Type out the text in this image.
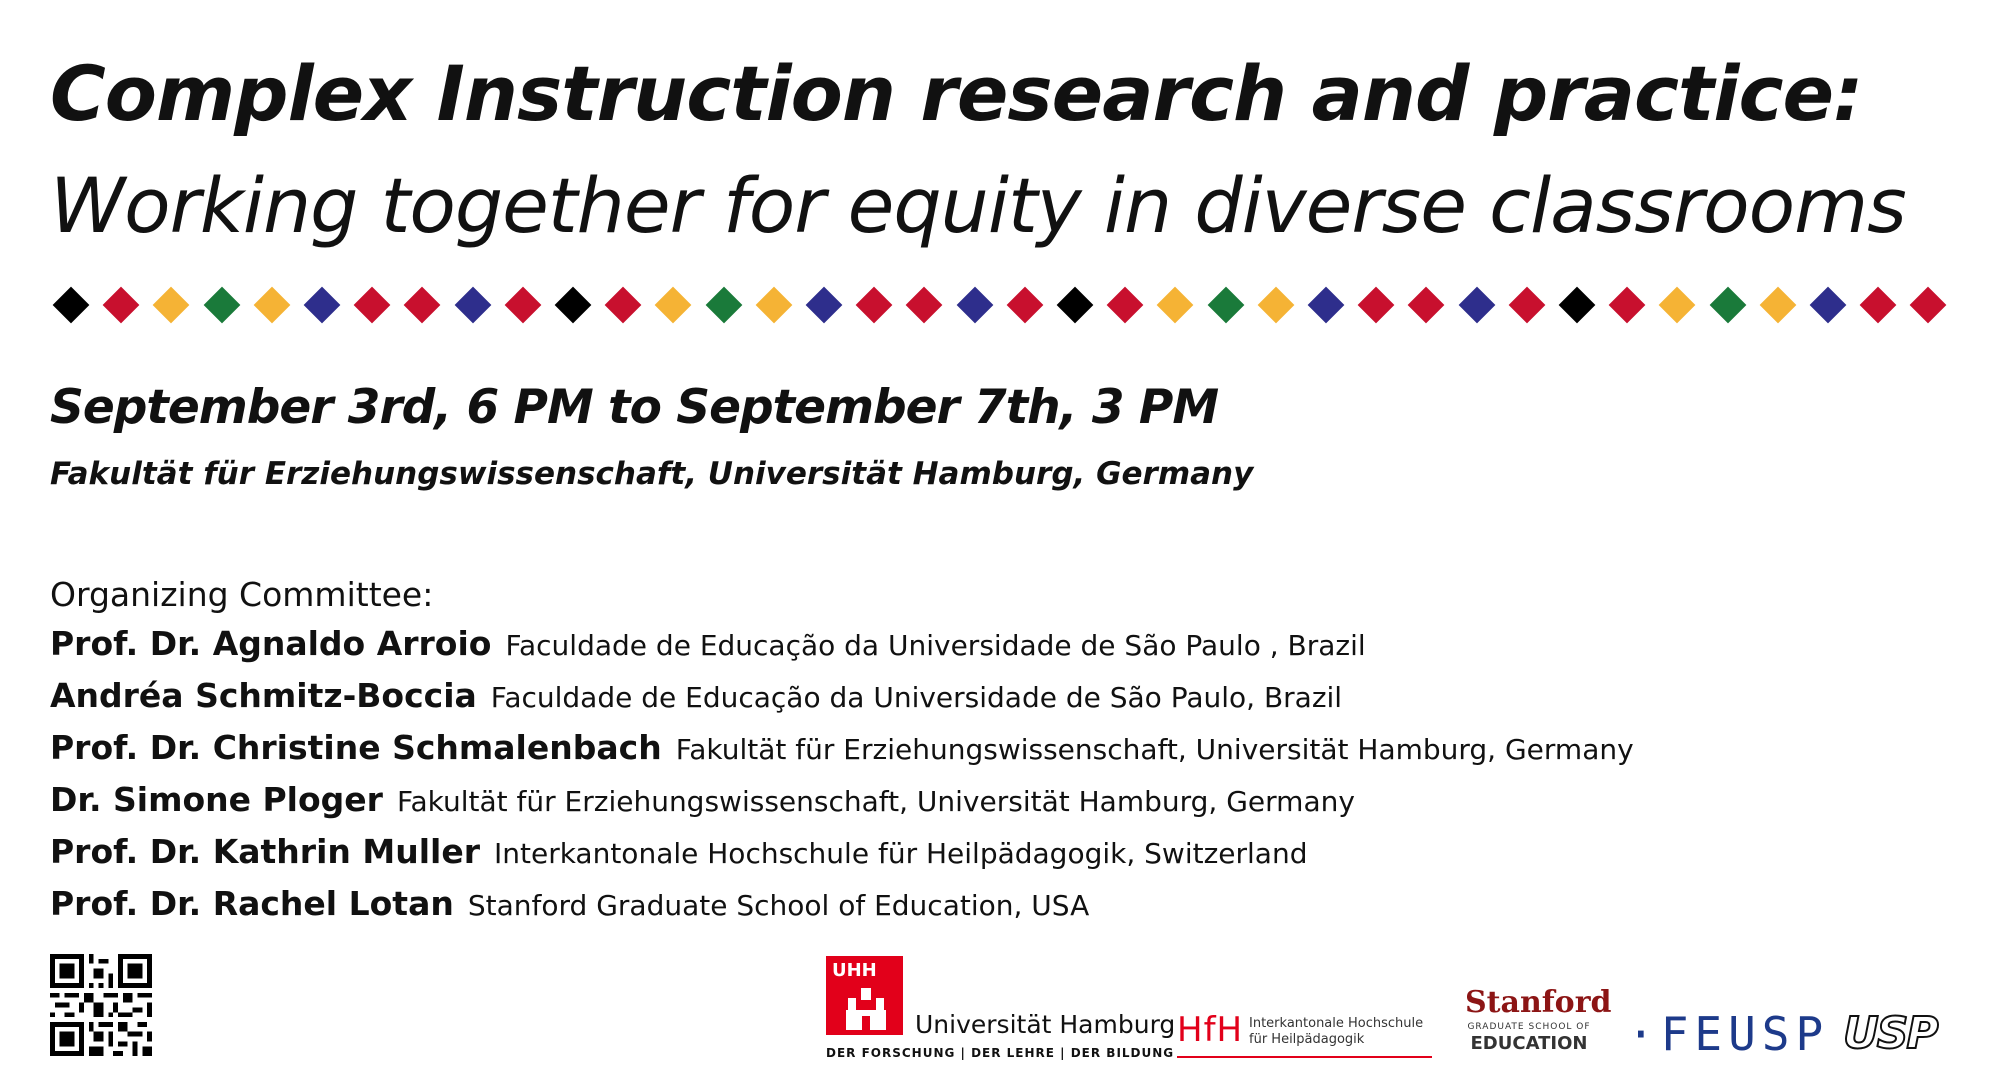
Complex Instruction research and practice:
Working together for equity in diverse classrooms

September 3rd, 6 PM to September 7th, 3 PM

Fakultät für Erziehungswissenschaft, Universität Hamburg, Germany

Organizing Committee:

Prof. Dr. Agnaldo Arroio Faculdade de Educação da Universidade de São Paulo , Brazil
Andréa Schmitz-Boccia Faculdade de Educação da Universidade de São Paulo, Brazil
Prof. Dr. Christine Schmalenbach Fakultät für Erziehungswissenschaft, Universität Hamburg, Germany
Dr. Simone Ploger Fakultät für Erziehungswissenschaft, Universität Hamburg, Germany
Prof. Dr. Kathrin Muller Interkantonale Hochschule für Heilpädagogik, Switzerland
Prof. Dr. Rachel Lotan Stanford Graduate School of Education, USA
UHH
Universität Hamburg
DER FORSCHUNG | DER LEHRE | DER BILDUNG
HfH Interkantonale Hochschule
für Heilpädagogik
Stanford
GRADUATE SCHOOL OF
EDUCATION ·FEUSP USP
